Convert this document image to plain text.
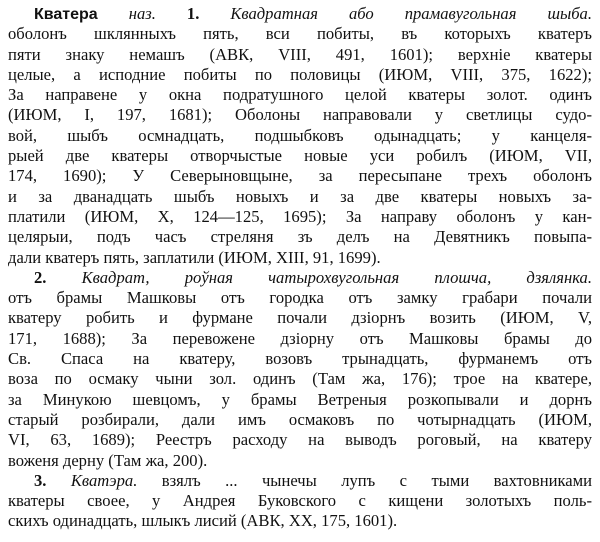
Кватера наз. 1. Квадратная або прамавугольная шыба.
оболонъ шклянныхъ пять, вси побиты, въ которыхъ кватеръ
пяти знаку немашъ (АВК, VIII, 491, 1601); верхніе кватеры
целые, а исподние побиты по половицы (ИЮМ, VIII, 375, 1622);
За направене у окна подратушного целой кватеры золот. одинъ
(ИЮМ, I, 197, 1681); Оболоны направовали у светлицы судо-
вой, шыбъ осмнадцать, подшыбковъ одынадцать; у канцеля-
рыей две кватеры отворчыстые новые уси робилъ (ИЮМ, VII,
174, 1690); У Северыновщыне, за пересыпане трехъ оболонъ
и за дванадцать шыбъ новыхъ и за две кватеры новыхъ за-
платили (ИЮМ, X, 124—125, 1695); За направу оболонъ у кан-
целярыи, подъ часъ стреляня зъ делъ на Девятникъ повыпа-
дали кватеръ пять, заплатили (ИЮМ, XIII, 91, 1699).
2. Квадрат, роўная чатырохвугольная плошча, дзялянка.
отъ брамы Машковы отъ городка отъ замку грабари почали
кватеру робить и фурмане почали дзіорнъ возить (ИЮМ, V,
171, 1688); За перевожене дзіорну отъ Машковы брамы до
Св. Спаса на кватеру, возовъ трынадцать, фурманемъ отъ
воза по осмаку чыни зол. одинъ (Там жа, 176); трое на кватере,
за Минукою шевцомъ, у брамы Ветреныя розкопывали и дорнъ
старый розбирали, дали имъ осмаковъ по чотырнадцать (ИЮМ,
VI, 63, 1689); Реестръ расходу на выводъ роговый, на кватеру
воженя дерну (Там жа, 200).
3. Кватэра. взялъ ... чынечы лупъ с тыми вахтовниками
кватеры своее, у Андрея Буковского с кищени золотыхъ поль-
скихъ одинадцать, шлыкъ лисий (АВК, XX, 175, 1601).
